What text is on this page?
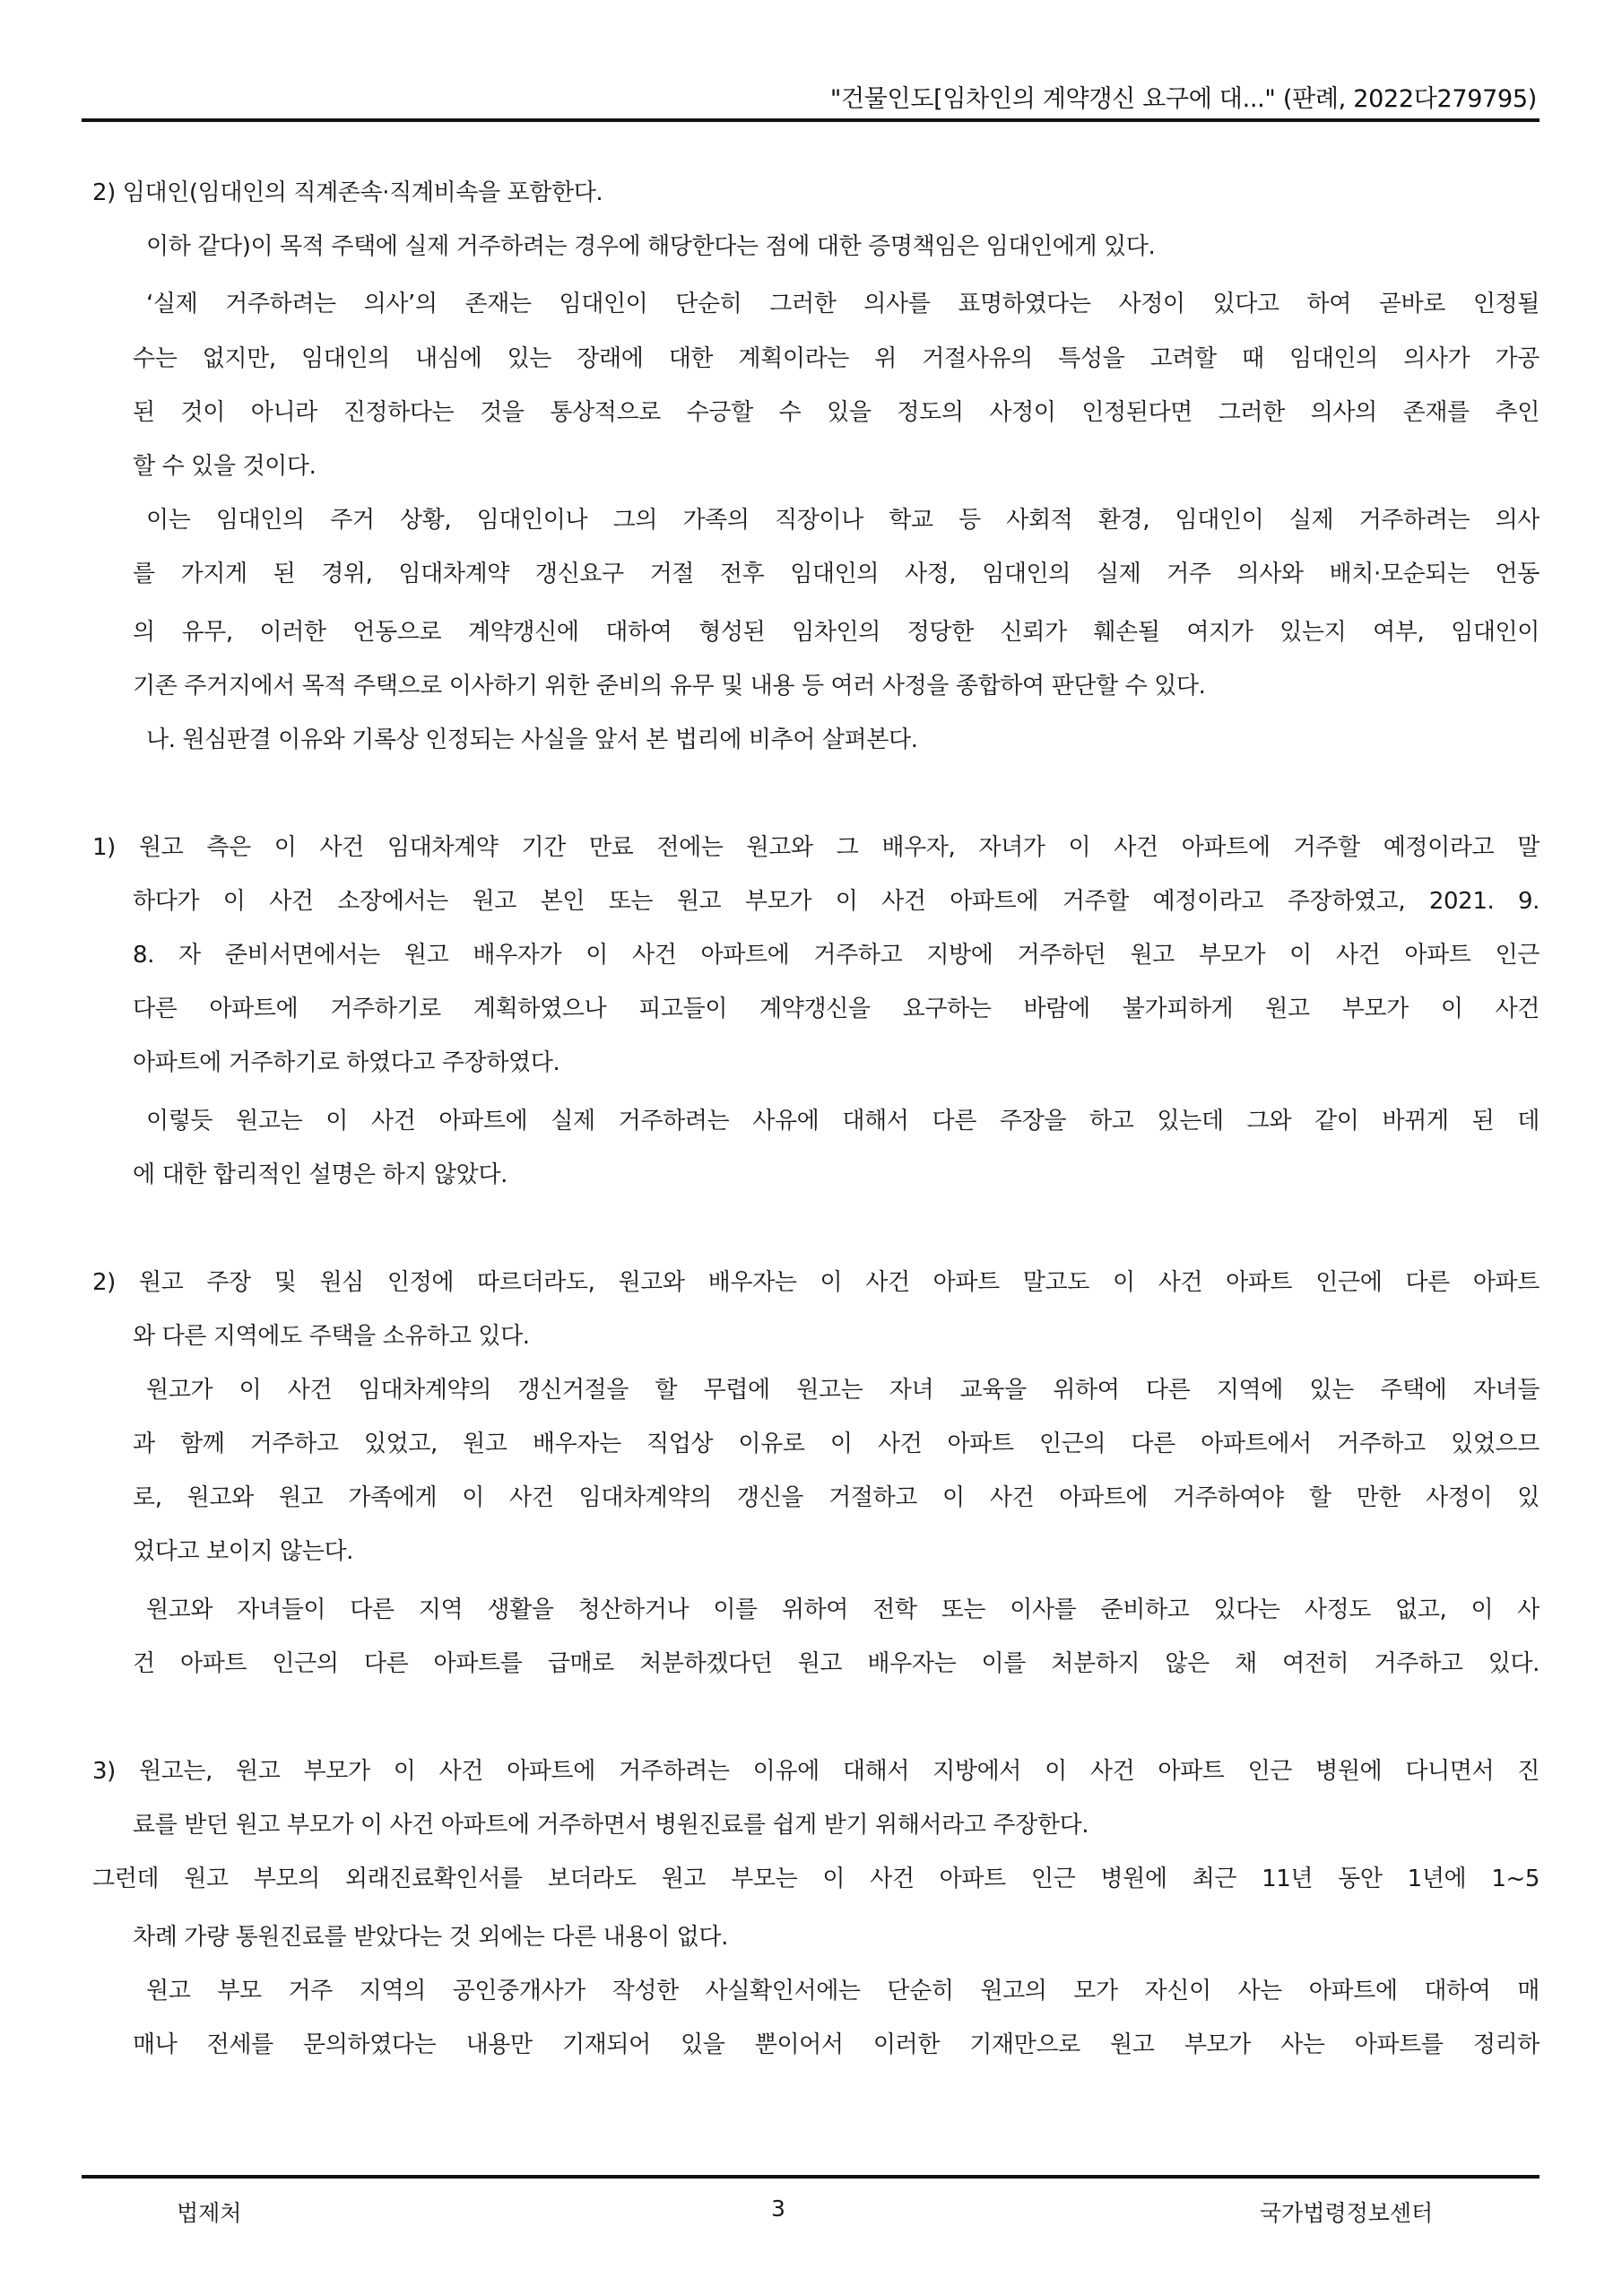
"건물인도[임차인의 계약갱신 요구에 대..." (판례, 2022다279795)
2) 임대인(임대인의 직계존속·직계비속을 포함한다.
이하 같다)이 목적 주택에 실제 거주하려는 경우에 해당한다는 점에 대한 증명책임은 임대인에게 있다.
‘실제 거주하려는 의사’의 존재는 임대인이 단순히 그러한 의사를 표명하였다는 사정이 있다고 하여 곧바로 인정될
수는 없지만, 임대인의 내심에 있는 장래에 대한 계획이라는 위 거절사유의 특성을 고려할 때 임대인의 의사가 가공
된 것이 아니라 진정하다는 것을 통상적으로 수긍할 수 있을 정도의 사정이 인정된다면 그러한 의사의 존재를 추인
할 수 있을 것이다.
이는 임대인의 주거 상황, 임대인이나 그의 가족의 직장이나 학교 등 사회적 환경, 임대인이 실제 거주하려는 의사
를 가지게 된 경위, 임대차계약 갱신요구 거절 전후 임대인의 사정, 임대인의 실제 거주 의사와 배치·모순되는 언동
의 유무, 이러한 언동으로 계약갱신에 대하여 형성된 임차인의 정당한 신뢰가 훼손될 여지가 있는지 여부, 임대인이
기존 주거지에서 목적 주택으로 이사하기 위한 준비의 유무 및 내용 등 여러 사정을 종합하여 판단할 수 있다.
나. 원심판결 이유와 기록상 인정되는 사실을 앞서 본 법리에 비추어 살펴본다.
1) 원고 측은 이 사건 임대차계약 기간 만료 전에는 원고와 그 배우자, 자녀가 이 사건 아파트에 거주할 예정이라고 말
하다가 이 사건 소장에서는 원고 본인 또는 원고 부모가 이 사건 아파트에 거주할 예정이라고 주장하였고, 2021. 9.
8. 자 준비서면에서는 원고 배우자가 이 사건 아파트에 거주하고 지방에 거주하던 원고 부모가 이 사건 아파트 인근
다른 아파트에 거주하기로 계획하였으나 피고들이 계약갱신을 요구하는 바람에 불가피하게 원고 부모가 이 사건
아파트에 거주하기로 하였다고 주장하였다.
이렇듯 원고는 이 사건 아파트에 실제 거주하려는 사유에 대해서 다른 주장을 하고 있는데 그와 같이 바뀌게 된 데
에 대한 합리적인 설명은 하지 않았다.
2) 원고 주장 및 원심 인정에 따르더라도, 원고와 배우자는 이 사건 아파트 말고도 이 사건 아파트 인근에 다른 아파트
와 다른 지역에도 주택을 소유하고 있다.
원고가 이 사건 임대차계약의 갱신거절을 할 무렵에 원고는 자녀 교육을 위하여 다른 지역에 있는 주택에 자녀들
과 함께 거주하고 있었고, 원고 배우자는 직업상 이유로 이 사건 아파트 인근의 다른 아파트에서 거주하고 있었으므
로, 원고와 원고 가족에게 이 사건 임대차계약의 갱신을 거절하고 이 사건 아파트에 거주하여야 할 만한 사정이 있
었다고 보이지 않는다.
원고와 자녀들이 다른 지역 생활을 청산하거나 이를 위하여 전학 또는 이사를 준비하고 있다는 사정도 없고, 이 사
건 아파트 인근의 다른 아파트를 급매로 처분하겠다던 원고 배우자는 이를 처분하지 않은 채 여전히 거주하고 있다.
3) 원고는, 원고 부모가 이 사건 아파트에 거주하려는 이유에 대해서 지방에서 이 사건 아파트 인근 병원에 다니면서 진
료를 받던 원고 부모가 이 사건 아파트에 거주하면서 병원진료를 쉽게 받기 위해서라고 주장한다.
그런데 원고 부모의 외래진료확인서를 보더라도 원고 부모는 이 사건 아파트 인근 병원에 최근 11년 동안 1년에 1~5
차례 가량 통원진료를 받았다는 것 외에는 다른 내용이 없다.
원고 부모 거주 지역의 공인중개사가 작성한 사실확인서에는 단순히 원고의 모가 자신이 사는 아파트에 대하여 매
매나 전세를 문의하였다는 내용만 기재되어 있을 뿐이어서 이러한 기재만으로 원고 부모가 사는 아파트를 정리하
법제처	3	국가법령정보센터
